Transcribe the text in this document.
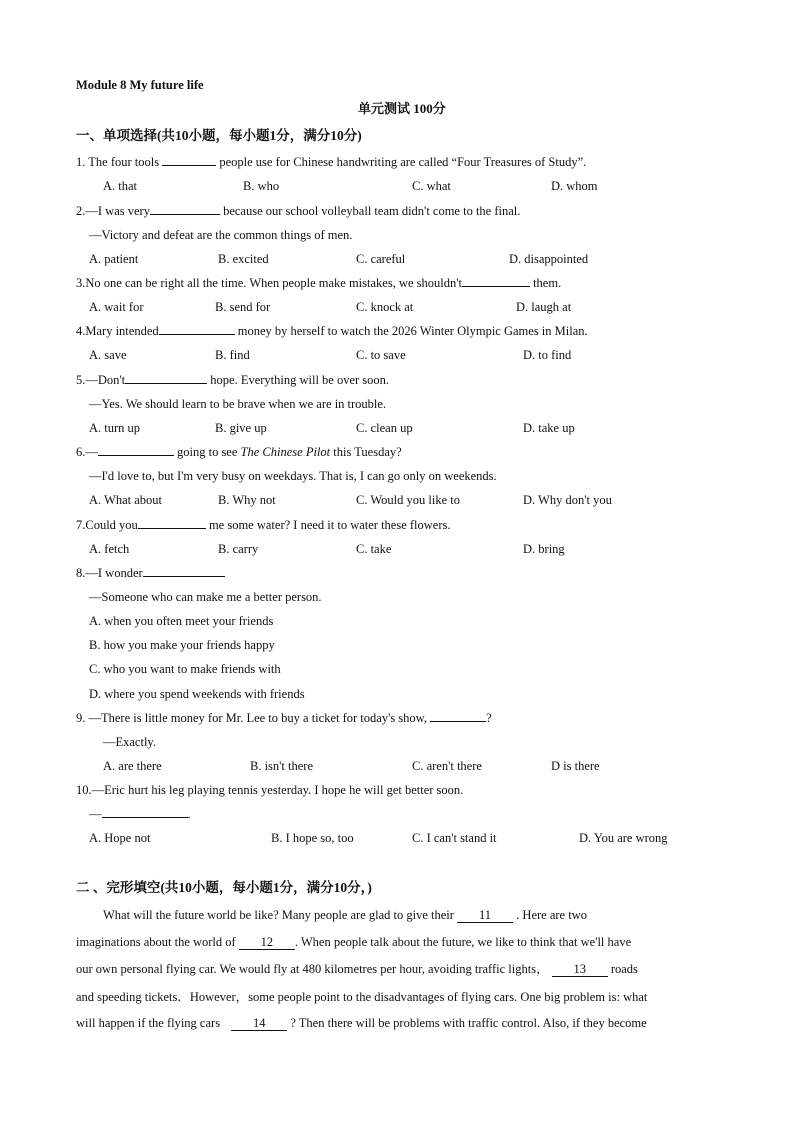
Module 8 My future life
单元测试 100分
一、单项选择(共10小题，每小题1分，满分10分)
1. The four tools	people use for Chinese handwriting are called “Four Treasures of Study”.
A. that	B. who	C. what	D. whom
2.—I was very	because our school volleyball team didn't come to the final.
—Victory and defeat are the common things of men.
A. patient	B. excited	C. careful	D. disappointed
3.No one can be right all the time. When people make mistakes, we shouldn't	them.
A. wait for	B. send for	C. knock at	D. laugh at
4.Mary intended	money by herself to watch the 2026 Winter Olympic Games in Milan.
A. save	B. find	C. to save	D. to find
5.—Don't	hope. Everything will be over soon.
—Yes. We should learn to be brave when we are in trouble.
A. turn up	B. give up	C. clean up	D. take up
6.—	going to see The Chinese Pilot this Tuesday?
—I'd love to, but I'm very busy on weekdays. That is, I can go only on weekends.
A. What about	B. Why not	C. Would you like to	D. Why don't you
7.Could you	me some water? I need it to water these flowers.
A. fetch	B. carry	C. take	D. bring
8.—I wonder
—Someone who can make me a better person.
A. when you often meet your friends
B. how you make your friends happy
C. who you want to make friends with
D. where you spend weekends with friends
9. —There is little money for Mr. Lee to buy a ticket for today's show,	?
—Exactly.
A. are there	B. isn't there	C. aren't there	D is there
10.—Eric hurt his leg playing tennis yesterday. I hope he will get better soon.
—	.
A. Hope not	B. I hope so, too	C. I can't stand it	D. You are wrong
二 、完形填空(共10小题，每小题1分，满分10分，)
What will the future world be like? Many people are glad to give their 11 . Here are two
imaginations about the world of 12 . When people talk about the future, we like to think that we'll have
our own personal flying car. We would fly at 480 kilometres per hour, avoiding traffic lights， 13 roads
and speeding tickets．However，some people point to the disadvantages of flying cars. One big problem is: what
will happen if the flying cars	14 ? Then there will be problems with traffic control. Also, if they become
